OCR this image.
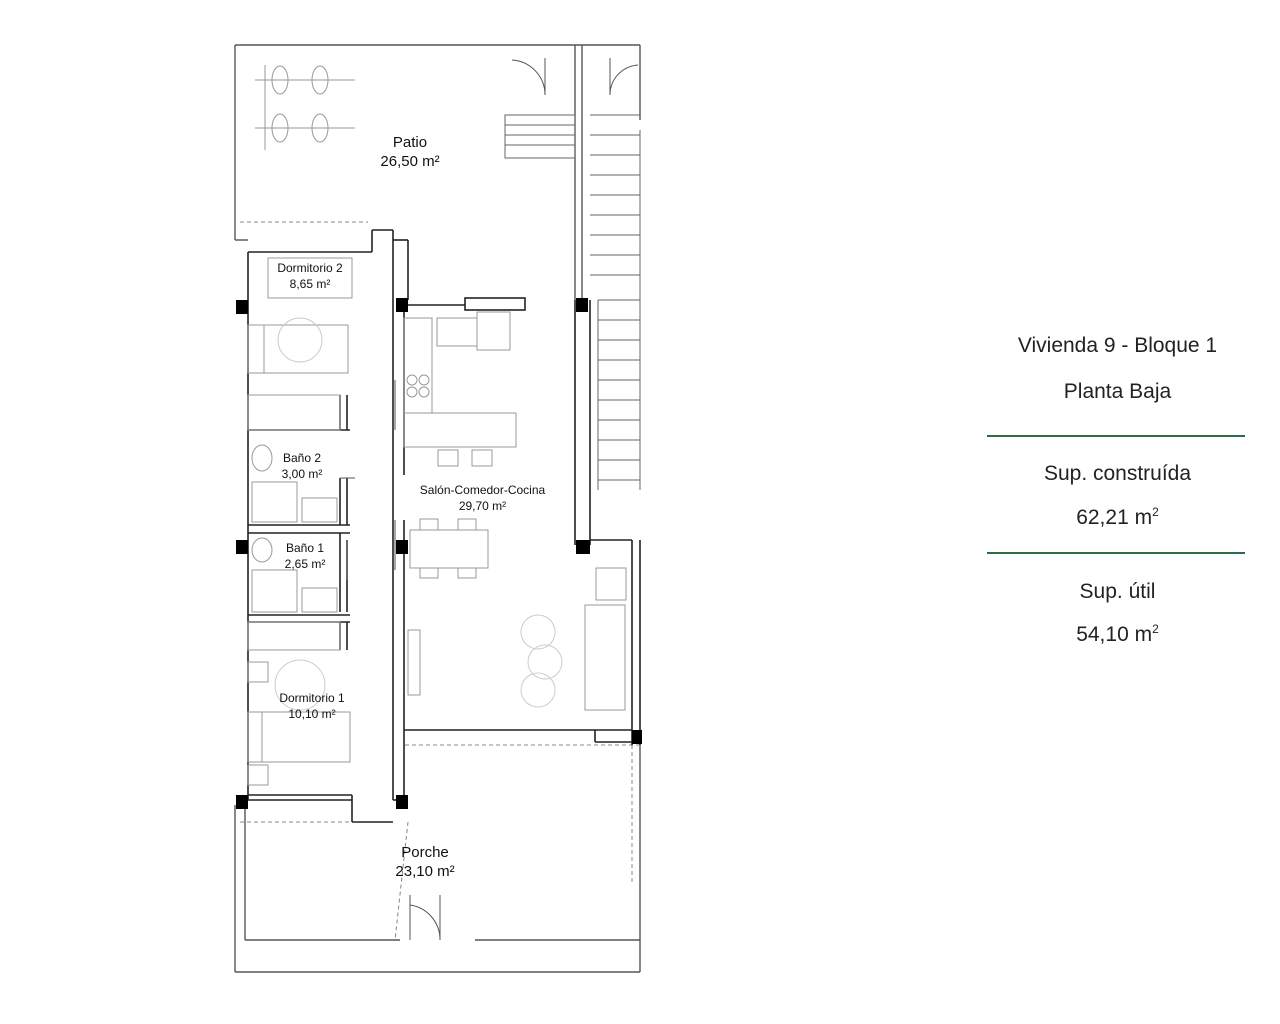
Patio
26,50 m²
Dormitorio 2
8,65 m²
Baño 2
3,00 m²
Baño 1
2,65 m²
Salón-Comedor-Cocina
29,70 m²
Dormitorio 1
10,10 m²
Porche
23,10 m²
Vivienda 9 - Bloque 1
Planta Baja
Sup. construída
62,21 $m^2$
Sup. útil
54,10 $m^2$
